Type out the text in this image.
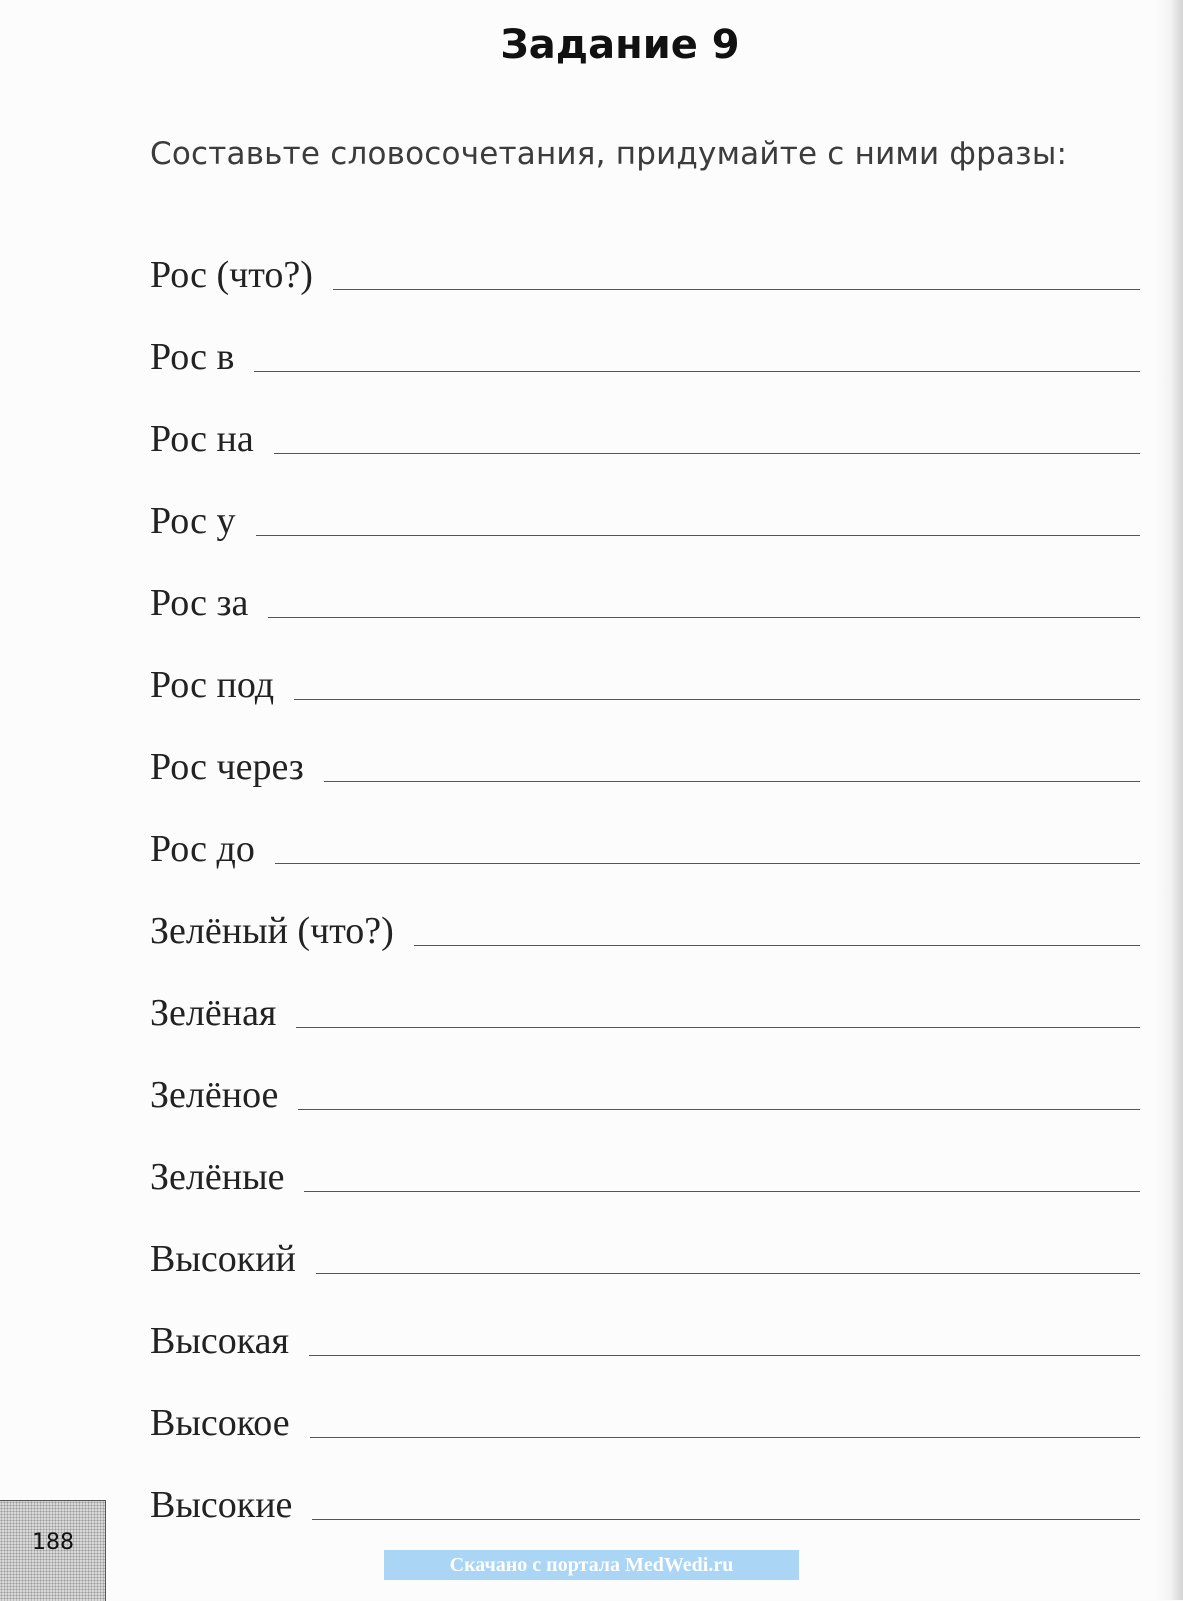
Задание 9
Составьте словосочетания, придумайте с ними фразы:
Рос (что?)
Рос в
Рос на
Рос у
Рос за
Рос под
Рос через
Рос до
Зелёный (что?)
Зелёная
Зелёное
Зелёные
Высокий
Высокая
Высокое
Высокие
188
Скачано с портала MedWedi.ru
